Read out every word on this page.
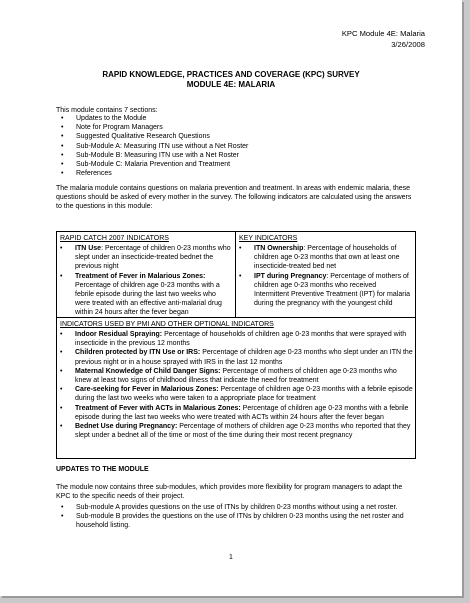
KPC Module 4E: Malaria
3/26/2008
RAPID KNOWLEDGE, PRACTICES AND COVERAGE (KPC) SURVEY
MODULE 4E: MALARIA
This module contains 7 sections:
• Updates to the Module
• Note for Program Managers
• Suggested Qualitative Research Questions
• Sub-Module A: Measuring ITN use without a Net Roster
• Sub-Module B: Measuring ITN use with a Net Roster
• Sub-Module C: Malaria Prevention and Treatment
• References
The malaria module contains questions on malaria prevention and treatment. In areas with endemic malaria, these questions should be asked of every mother in the survey. The following indicators are calculated using the answers to the questions in this module:
RAPID CATCH 2007 INDICATORS
• ITN Use: Percentage of children 0-23 months who slept under an insecticide-treated bednet the previous night
• Treatment of Fever in Malarious Zones: Percentage of children age 0-23 months with a febrile episode during the last two weeks who were treated with an effective anti-malarial drug within 24 hours after the fever began
KEY INDICATORS
• ITN Ownership: Percentage of households of children age 0-23 months that own at least one insecticide-treated bed net
• IPT during Pregnancy: Percentage of mothers of children age 0-23 months who received Intermittent Preventive Treatment (IPT) for malaria during the pregnancy with the youngest child
INDICATORS USED BY PMI AND OTHER OPTIONAL INDICATORS
• Indoor Residual Spraying: Percentage of households of children age 0-23 months that were sprayed with insecticide in the previous 12 months
• Children protected by ITN Use or IRS: Percentage of children age 0-23 months who slept under an ITN the previous night or in a house sprayed with IRS in the last 12 months
• Maternal Knowledge of Child Danger Signs: Percentage of mothers of children age 0-23 months who knew at least two signs of childhood illness that indicate the need for treatment
• Care-seeking for Fever in Malarious Zones: Percentage of children age 0-23 months with a febrile episode during the last two weeks who were taken to a appropriate place for treatment
• Treatment of Fever with ACTs in Malarious Zones: Percentage of children age 0-23 months with a febrile episode during the last two weeks who were treated with ACTs within 24 hours after the fever began
• Bednet Use during Pregnancy: Percentage of mothers of children age 0-23 months who reported that they slept under a bednet all of the time or most of the time during their most recent pregnancy
UPDATES TO THE MODULE
The module now contains three sub-modules, which provides more flexibility for program managers to adapt the KPC to the specific needs of their project.
• Sub-module A provides questions on the use of ITNs by children 0-23 months without using a net roster.
• Sub-module B provides the questions on the use of ITNs by children 0-23 months using the net roster and household listing.
1
